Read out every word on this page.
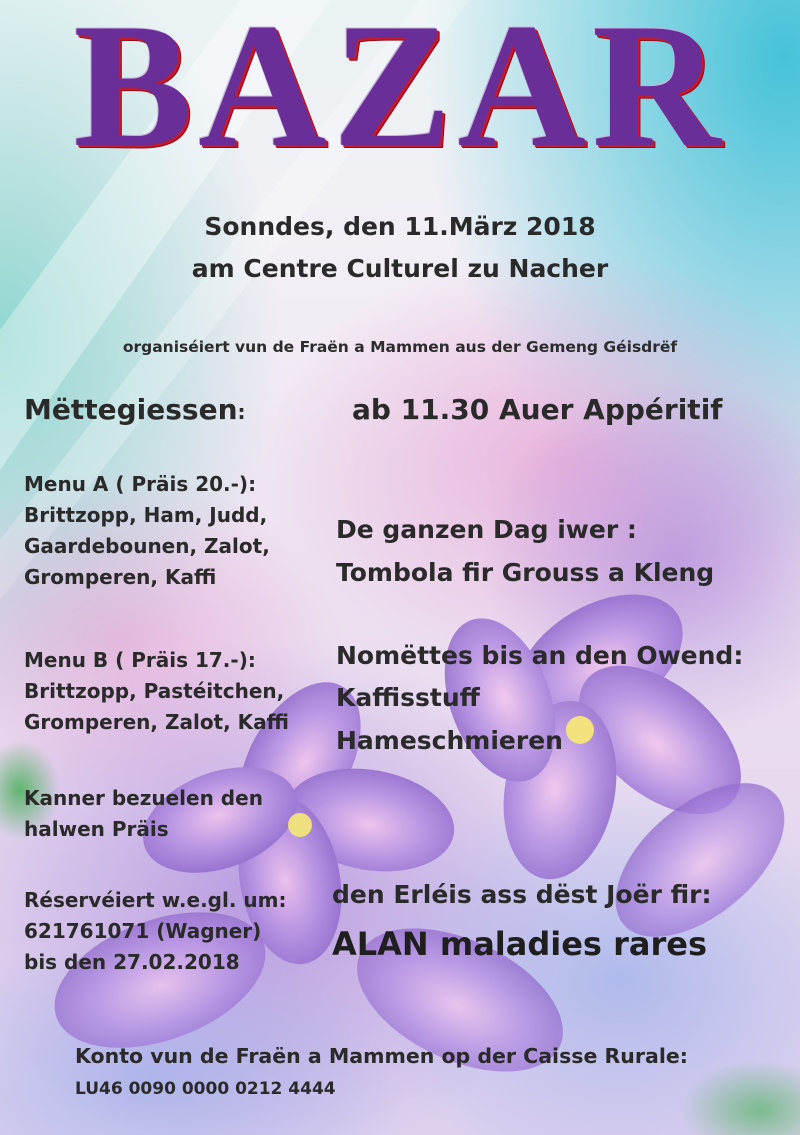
BAZAR

Sonndes, den 11.März 2018

am Centre Culturel zu Nacher

organiséiert vun de Fraën a Mammen aus der Gemeng Géisdrëf

Mëttegiessen:	ab 11.30 Auer Appéritif

Menu A ( Präis 20.-):
Brittzopp, Ham, Judd,
Gaardebounen, Zalot,
Gromperen, Kaffi
Menu B ( Präis 17.-):
Brittzopp, Pastéitchen,
Gromperen, Zalot, Kaffi
Kanner bezuelen den
halwen Präis
Réservéiert w.e.gl. um:
621761071 (Wagner)
bis den 27.02.2018

De ganzen Dag iwer :

Tombola fir Grouss a Kleng

Nomëttes bis an den Owend:

Kaffisstuff

Hameschmieren

den Erléis ass dëst Joër fir:

ALAN maladies rares

Konto vun de Fraën a Mammen op der Caisse Rurale:

LU46 0090 0000 0212 4444
